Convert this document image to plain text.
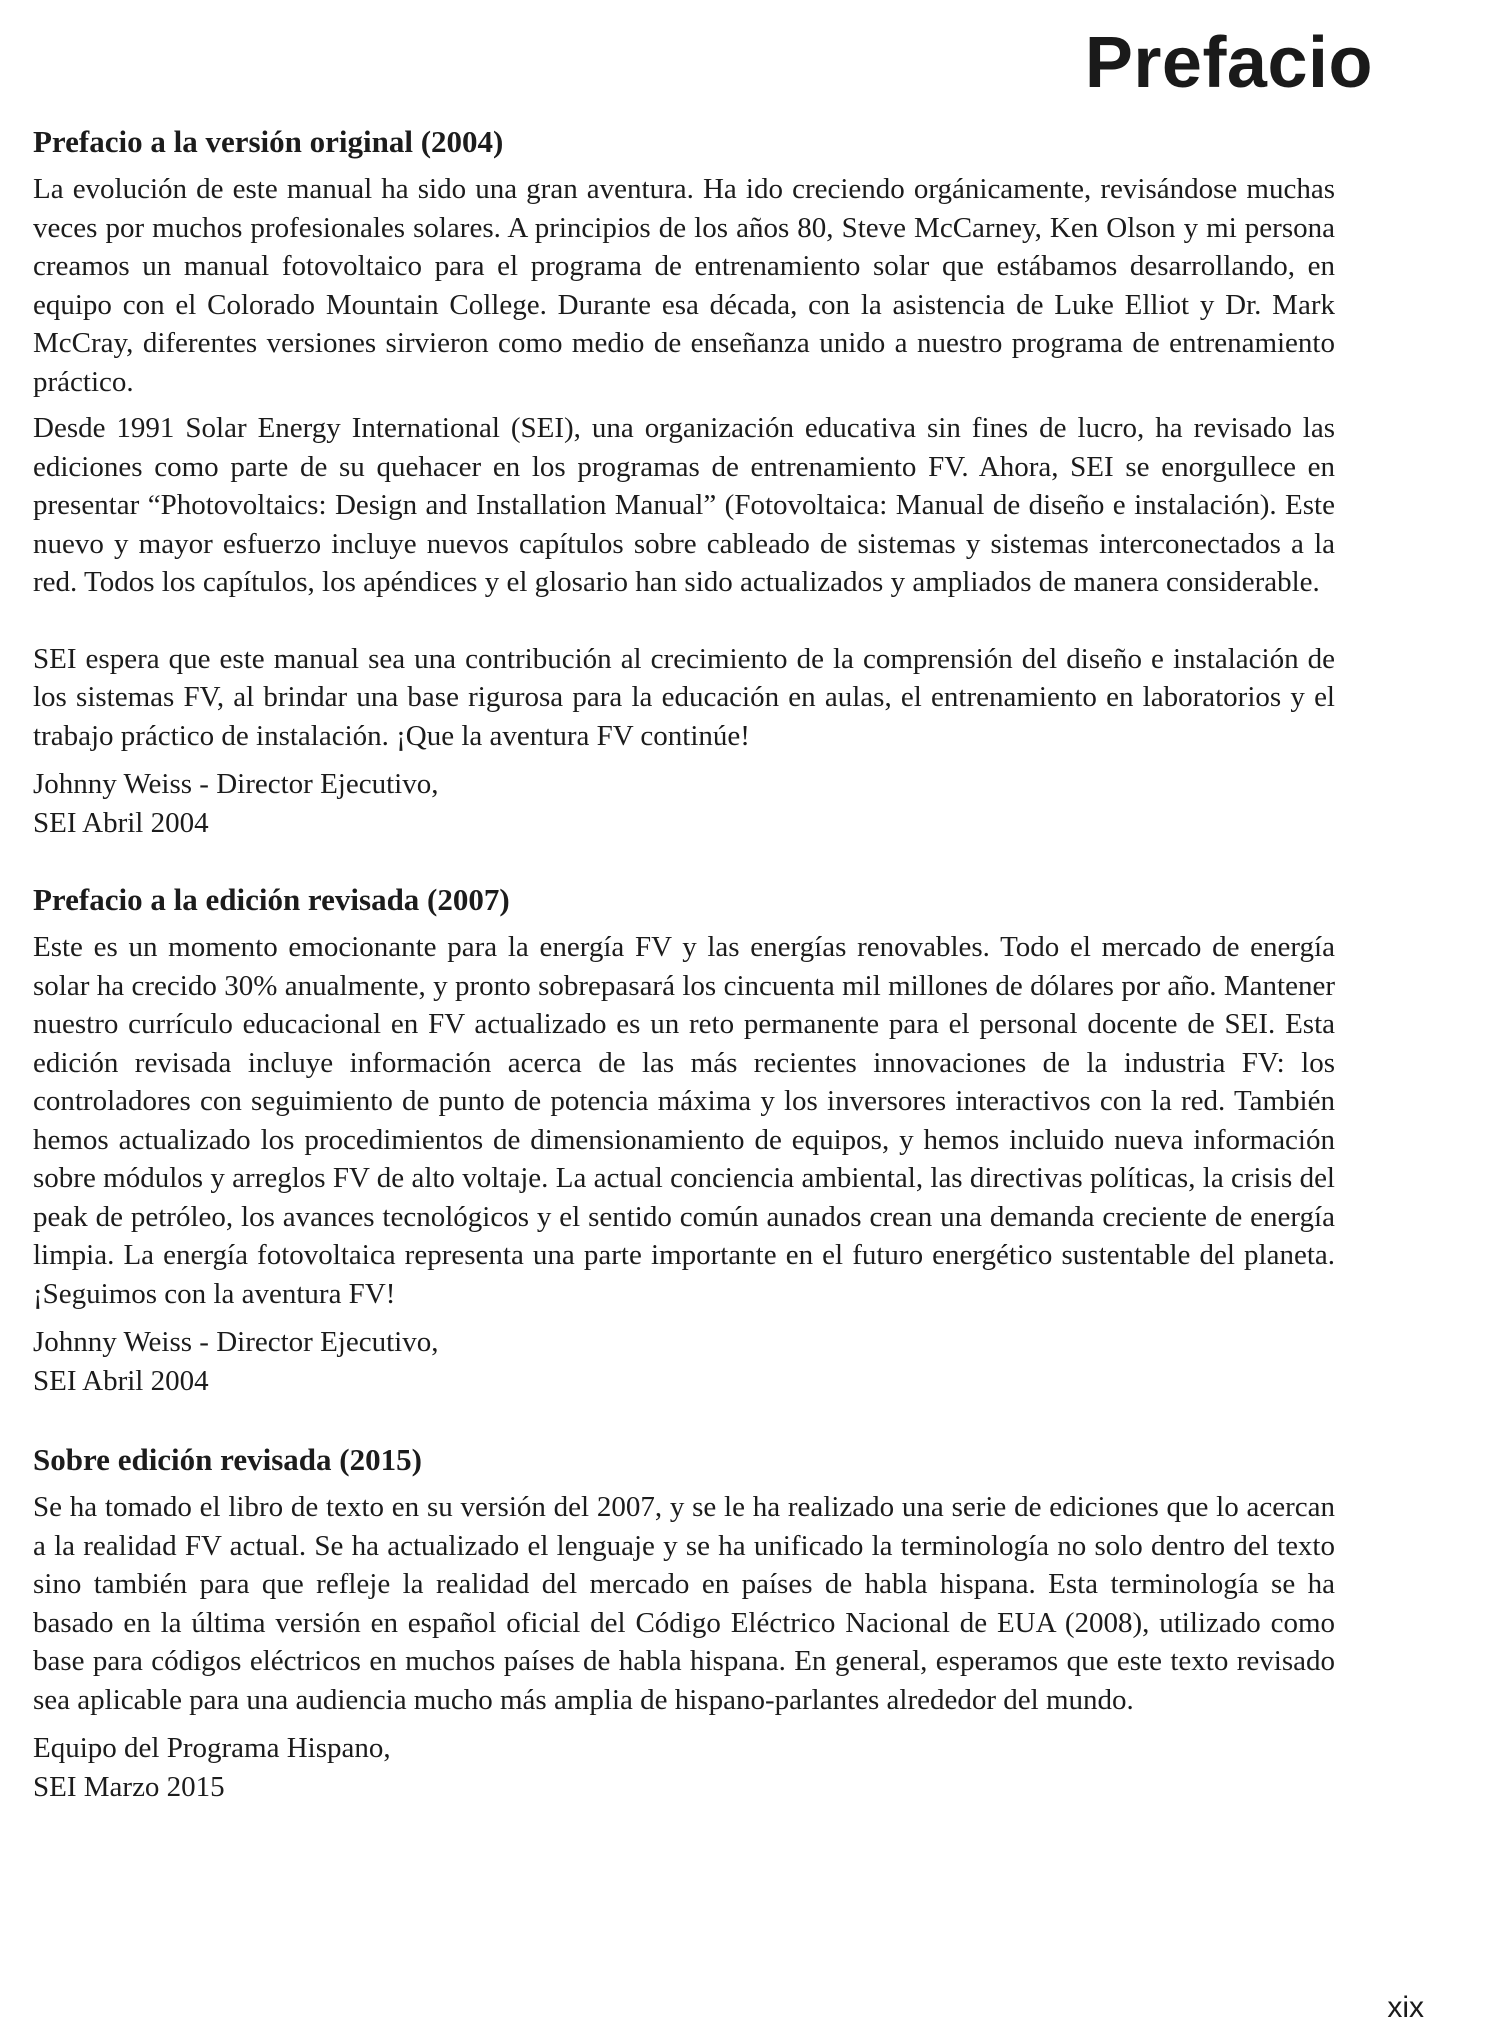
Prefacio
Prefacio a la versión original (2004)

La evolución de este manual ha sido una gran aventura. Ha ido creciendo orgánicamente, revisándose muchas veces por muchos profesionales solares. A principios de los años 80, Steve McCarney, Ken Olson y mi persona creamos un manual fotovoltaico para el programa de entrenamiento solar que estábamos desarrollando, en equipo con el Colorado Mountain College. Durante esa década, con la asistencia de Luke Elliot y Dr. Mark McCray, diferentes versiones sirvieron como medio de enseñanza unido a nuestro programa de entrenamiento práctico.

Desde 1991 Solar Energy International (SEI), una organización educativa sin fines de lucro, ha revisado las ediciones como parte de su quehacer en los programas de entrenamiento FV. Ahora, SEI se enorgullece en presentar “Photovoltaics: Design and Installation Manual” (Fotovoltaica: Manual de diseño e instalación). Este nuevo y mayor esfuerzo incluye nuevos capítulos sobre cableado de sistemas y sistemas interconectados a la red. Todos los capítulos, los apéndices y el glosario han sido actualizados y ampliados de manera considerable.

SEI espera que este manual sea una contribución al crecimiento de la comprensión del diseño e instalación de los sistemas FV, al brindar una base rigurosa para la educación en aulas, el entrenamiento en laboratorios y el trabajo práctico de instalación. ¡Que la aventura FV continúe!

Johnny Weiss - Director Ejecutivo,
SEI Abril 2004

Prefacio a la edición revisada (2007)

Este es un momento emocionante para la energía FV y las energías renovables. Todo el mercado de energía solar ha crecido 30% anualmente, y pronto sobrepasará los cincuenta mil millones de dólares por año. Mantener nuestro currículo educacional en FV actualizado es un reto permanente para el personal docente de SEI. Esta edición revisada incluye información acerca de las más recientes innovaciones de la industria FV: los controladores con seguimiento de punto de potencia máxima y los inversores interactivos con la red. También hemos actualizado los procedimientos de dimensionamiento de equipos, y hemos incluido nueva información sobre módulos y arreglos FV de alto voltaje. La actual conciencia ambiental, las directivas políticas, la crisis del peak de petróleo, los avances tecnológicos y el sentido común aunados crean una demanda creciente de energía limpia. La energía fotovoltaica representa una parte importante en el futuro energético sustentable del planeta. ¡Seguimos con la aventura FV!

Johnny Weiss - Director Ejecutivo,
SEI Abril 2004

Sobre edición revisada (2015)

Se ha tomado el libro de texto en su versión del 2007, y se le ha realizado una serie de ediciones que lo acercan a la realidad FV actual. Se ha actualizado el lenguaje y se ha unificado la terminología no solo dentro del texto sino también para que refleje la realidad del mercado en países de habla hispana. Esta terminología se ha basado en la última versión en español oficial del Código Eléctrico Nacional de EUA (2008), utilizado como base para códigos eléctricos en muchos países de habla hispana. En general, esperamos que este texto revisado sea aplicable para una audiencia mucho más amplia de hispano-parlantes alrededor del mundo.

Equipo del Programa Hispano,
SEI Marzo 2015

xix
